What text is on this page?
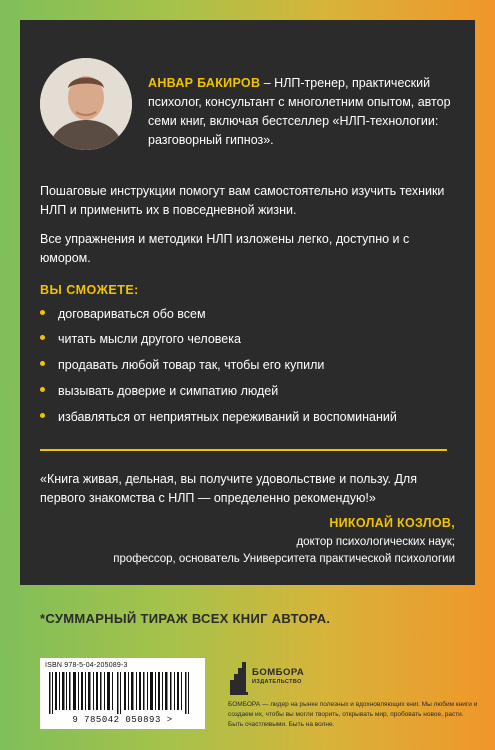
АНВАР БАКИРОВ – НЛП-тренер, практический психолог, консультант с многолетним опытом, автор семи книг, включая бестселлер «НЛП-технологии: разговорный гипноз».
Пошаговые инструкции помогут вам самостоятельно изучить техники НЛП и применить их в повседневной жизни.
Все упражнения и методики НЛП изложены легко, доступно и с юмором.
ВЫ СМОЖЕТЕ:
договариваться обо всем
читать мысли другого человека
продавать любой товар так, чтобы его купили
вызывать доверие и симпатию людей
избавляться от неприятных переживаний и воспоминаний
«Книга живая, дельная, вы получите удовольствие и пользу. Для первого знакомства с НЛП — определенно рекомендую!»
НИКОЛАЙ КОЗЛОВ,
доктор психологических наук;
профессор, основатель Университета практической психологии
*СУММАРНЫЙ ТИРАЖ ВСЕХ КНИГ АВТОРА.
ISBN 978-5-04-205089-3
9 785042 050893 >
БОМБОРА
ИЗДАТЕЛЬСТВО
БОМБОРА — лидер на рынке полезных и вдохновляющих книг. Мы любим книги и создаем их, чтобы вы могли творить, открывать мир, пробовать новое, расти. Быть счастливыми. Быть на волне.
